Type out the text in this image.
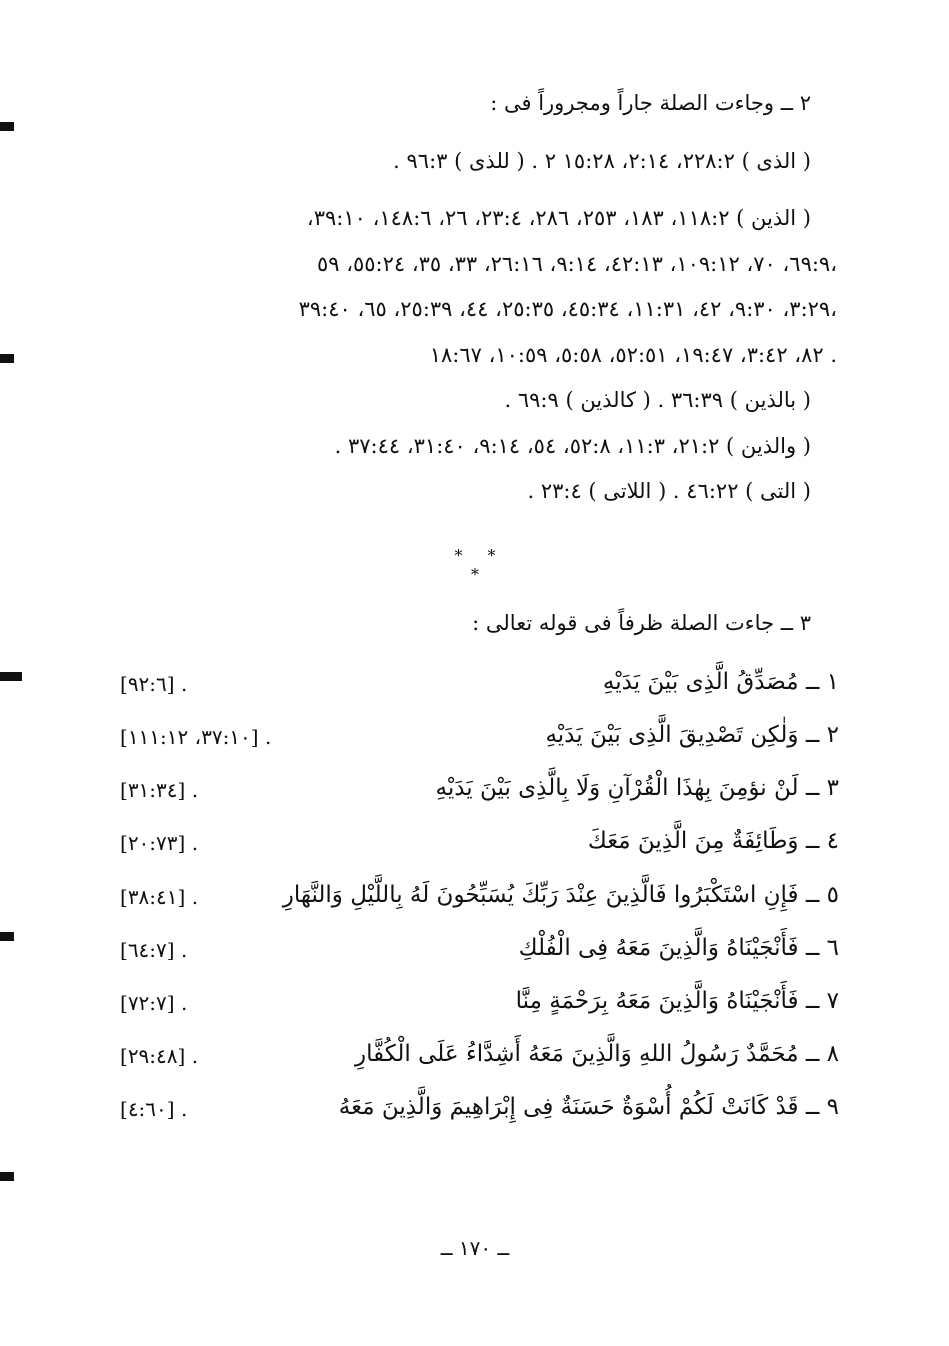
٢ ــ وجاءت الصلة جاراً ومجروراً فى :
( الذى ) ٢٢٨:٢، ٢:١٤، ١٥:٢٨ ٢ . ( للذى ) ٩٦:٣ .
( الذين ) ١١٨:٢، ١٨٣، ٢٥٣، ٢٨٦، ٢٣:٤، ٢٦، ١٤٨:٦، ٣٩:١٠،
٦٩:٩، ٧٠، ١٠٩:١٢، ٤٢:١٣، ٩:١٤، ٢٦:١٦، ٣٣، ٣٥، ٥٥:٢٤، ٥٩،
٣:٢٩، ٩:٣٠، ٤٢، ١١:٣١، ٤٥:٣٤، ٢٥:٣٥، ٤٤، ٢٥:٣٩، ٦٥، ٣٩:٤٠،
٨٢، ٣:٤٢، ١٩:٤٧، ٥٢:٥١، ٥:٥٨، ١٠:٥٩، ١٨:٦٧ .
( بالذين ) ٣٦:٣٩ . ( كالذين ) ٦٩:٩ .
( والذين ) ٢١:٢، ١١:٣، ٥٢:٨، ٥٤، ٩:١٤، ٣١:٤٠، ٣٧:٤٤ .
( التى ) ٤٦:٢٢ . ( اللاتى ) ٢٣:٤ .
* * *
٣ ــ جاءت الصلة ظرفاً فى قوله تعالى :
١ ــ مُصَدِّقُ الَّذِى بَيْنَ يَدَيْهِ
[٩٢:٦] .
٢ ــ وَلٰكِن تَصْدِيقَ الَّذِى بَيْنَ يَدَيْهِ
[٣٧:١٠، ١١١:١٢] .
٣ ــ لَنْ نؤمِنَ بِهٰذَا الْقُرْآنِ وَلَا بِالَّذِى بَيْنَ يَدَيْهِ
[٣١:٣٤] .
٤ ــ وَطَائِفَةٌ مِنَ الَّذِينَ مَعَكَ
[٢٠:٧٣] .
٥ ــ فَإِنِ اسْتَكْبَرُوا فَالَّذِينَ عِنْدَ رَبِّكَ يُسَبِّحُونَ لَهُ بِاللَّيْلِ وَالنَّهَارِ
[٣٨:٤١] .
٦ ــ فَأَنْجَيْنَاهُ وَالَّذِينَ مَعَهُ فِى الْفُلْكِ
[٦٤:٧] .
٧ ــ فَأَنْجَيْنَاهُ وَالَّذِينَ مَعَهُ بِرَحْمَةٍ مِنَّا
[٧٢:٧] .
٨ ــ مُحَمَّدٌ رَسُولُ اللهِ وَالَّذِينَ مَعَهُ أَشِدَّاءُ عَلَى الْكُفَّارِ
[٢٩:٤٨] .
٩ ــ قَدْ كَانَتْ لَكُمْ أُسْوَةٌ حَسَنَةٌ فِى إِبْرَاهِيمَ وَالَّذِينَ مَعَهُ
[٤:٦٠] .
ــ ١٧٠ ــ
